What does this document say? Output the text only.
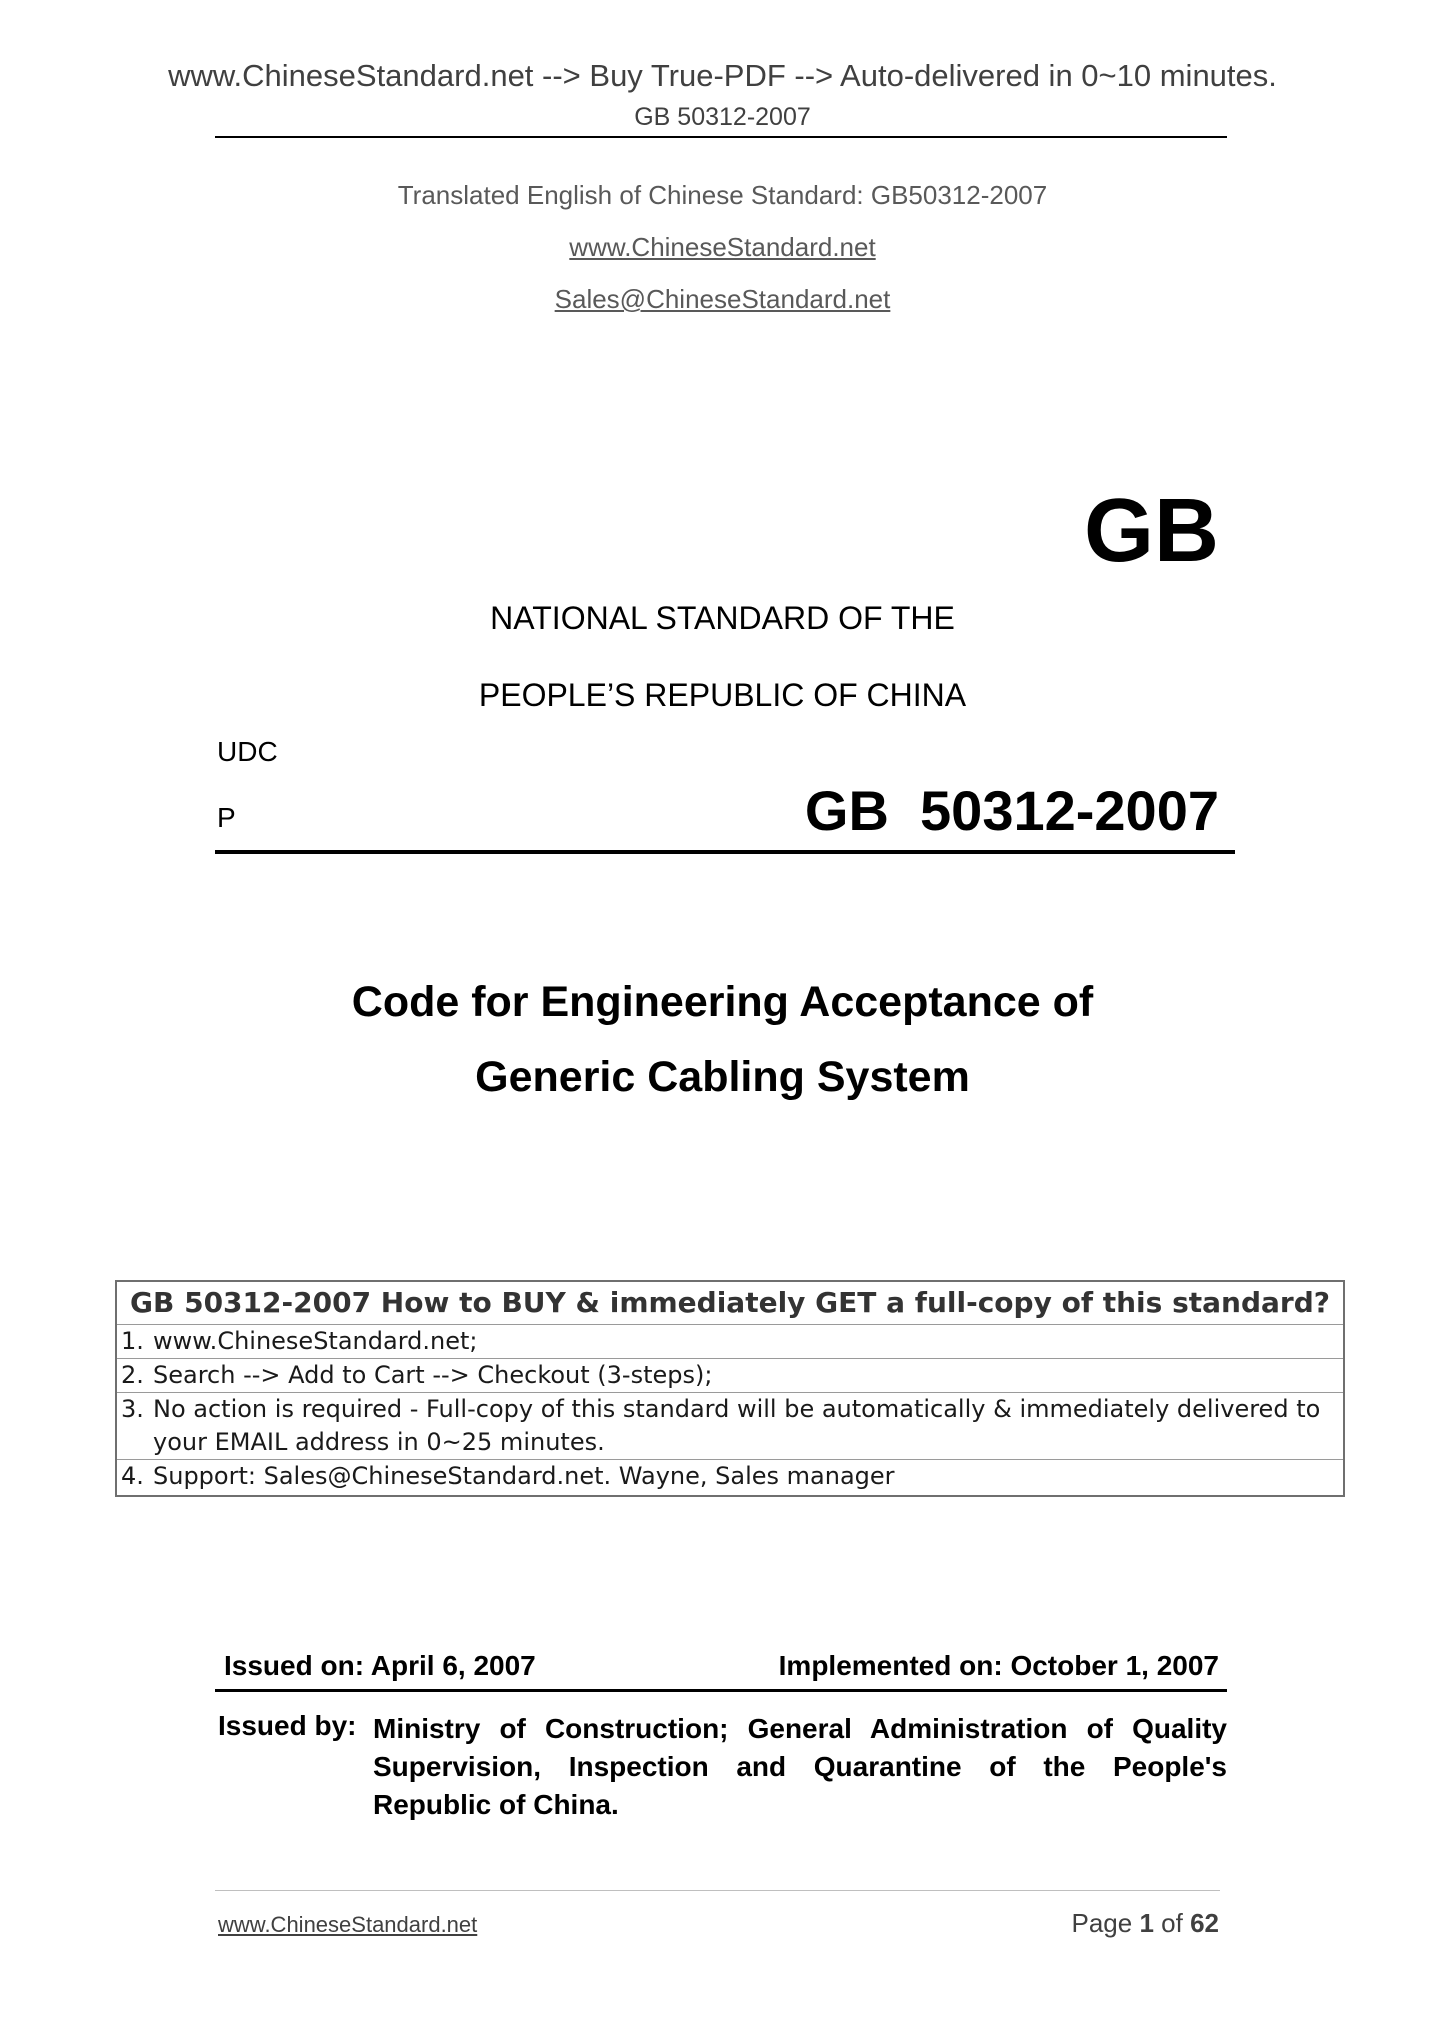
www.ChineseStandard.net --> Buy True-PDF --> Auto-delivered in 0~10 minutes.
GB 50312-2007
Translated English of Chinese Standard: GB50312-2007
www.ChineseStandard.net
Sales@ChineseStandard.net
GB
NATIONAL STANDARD OF THE
PEOPLE’S REPUBLIC OF CHINA
UDC
P	GB  50312-2007
Code for Engineering Acceptance of
Generic Cabling System
GB 50312-2007 How to BUY & immediately GET a full-copy of this standard?
1. www.ChineseStandard.net;
2. Search --> Add to Cart --> Checkout (3-steps);
3. No action is required - Full-copy of this standard will be automatically & immediately delivered to
your EMAIL address in 0~25 minutes.
4. Support: Sales@ChineseStandard.net. Wayne, Sales manager
Issued on: April 6, 2007	Implemented on: October 1, 2007
Issued by: Ministry of Construction; General Administration of Quality Supervision, Inspection and Quarantine of the People's Republic of China.
www.ChineseStandard.net	Page 1 of 62
